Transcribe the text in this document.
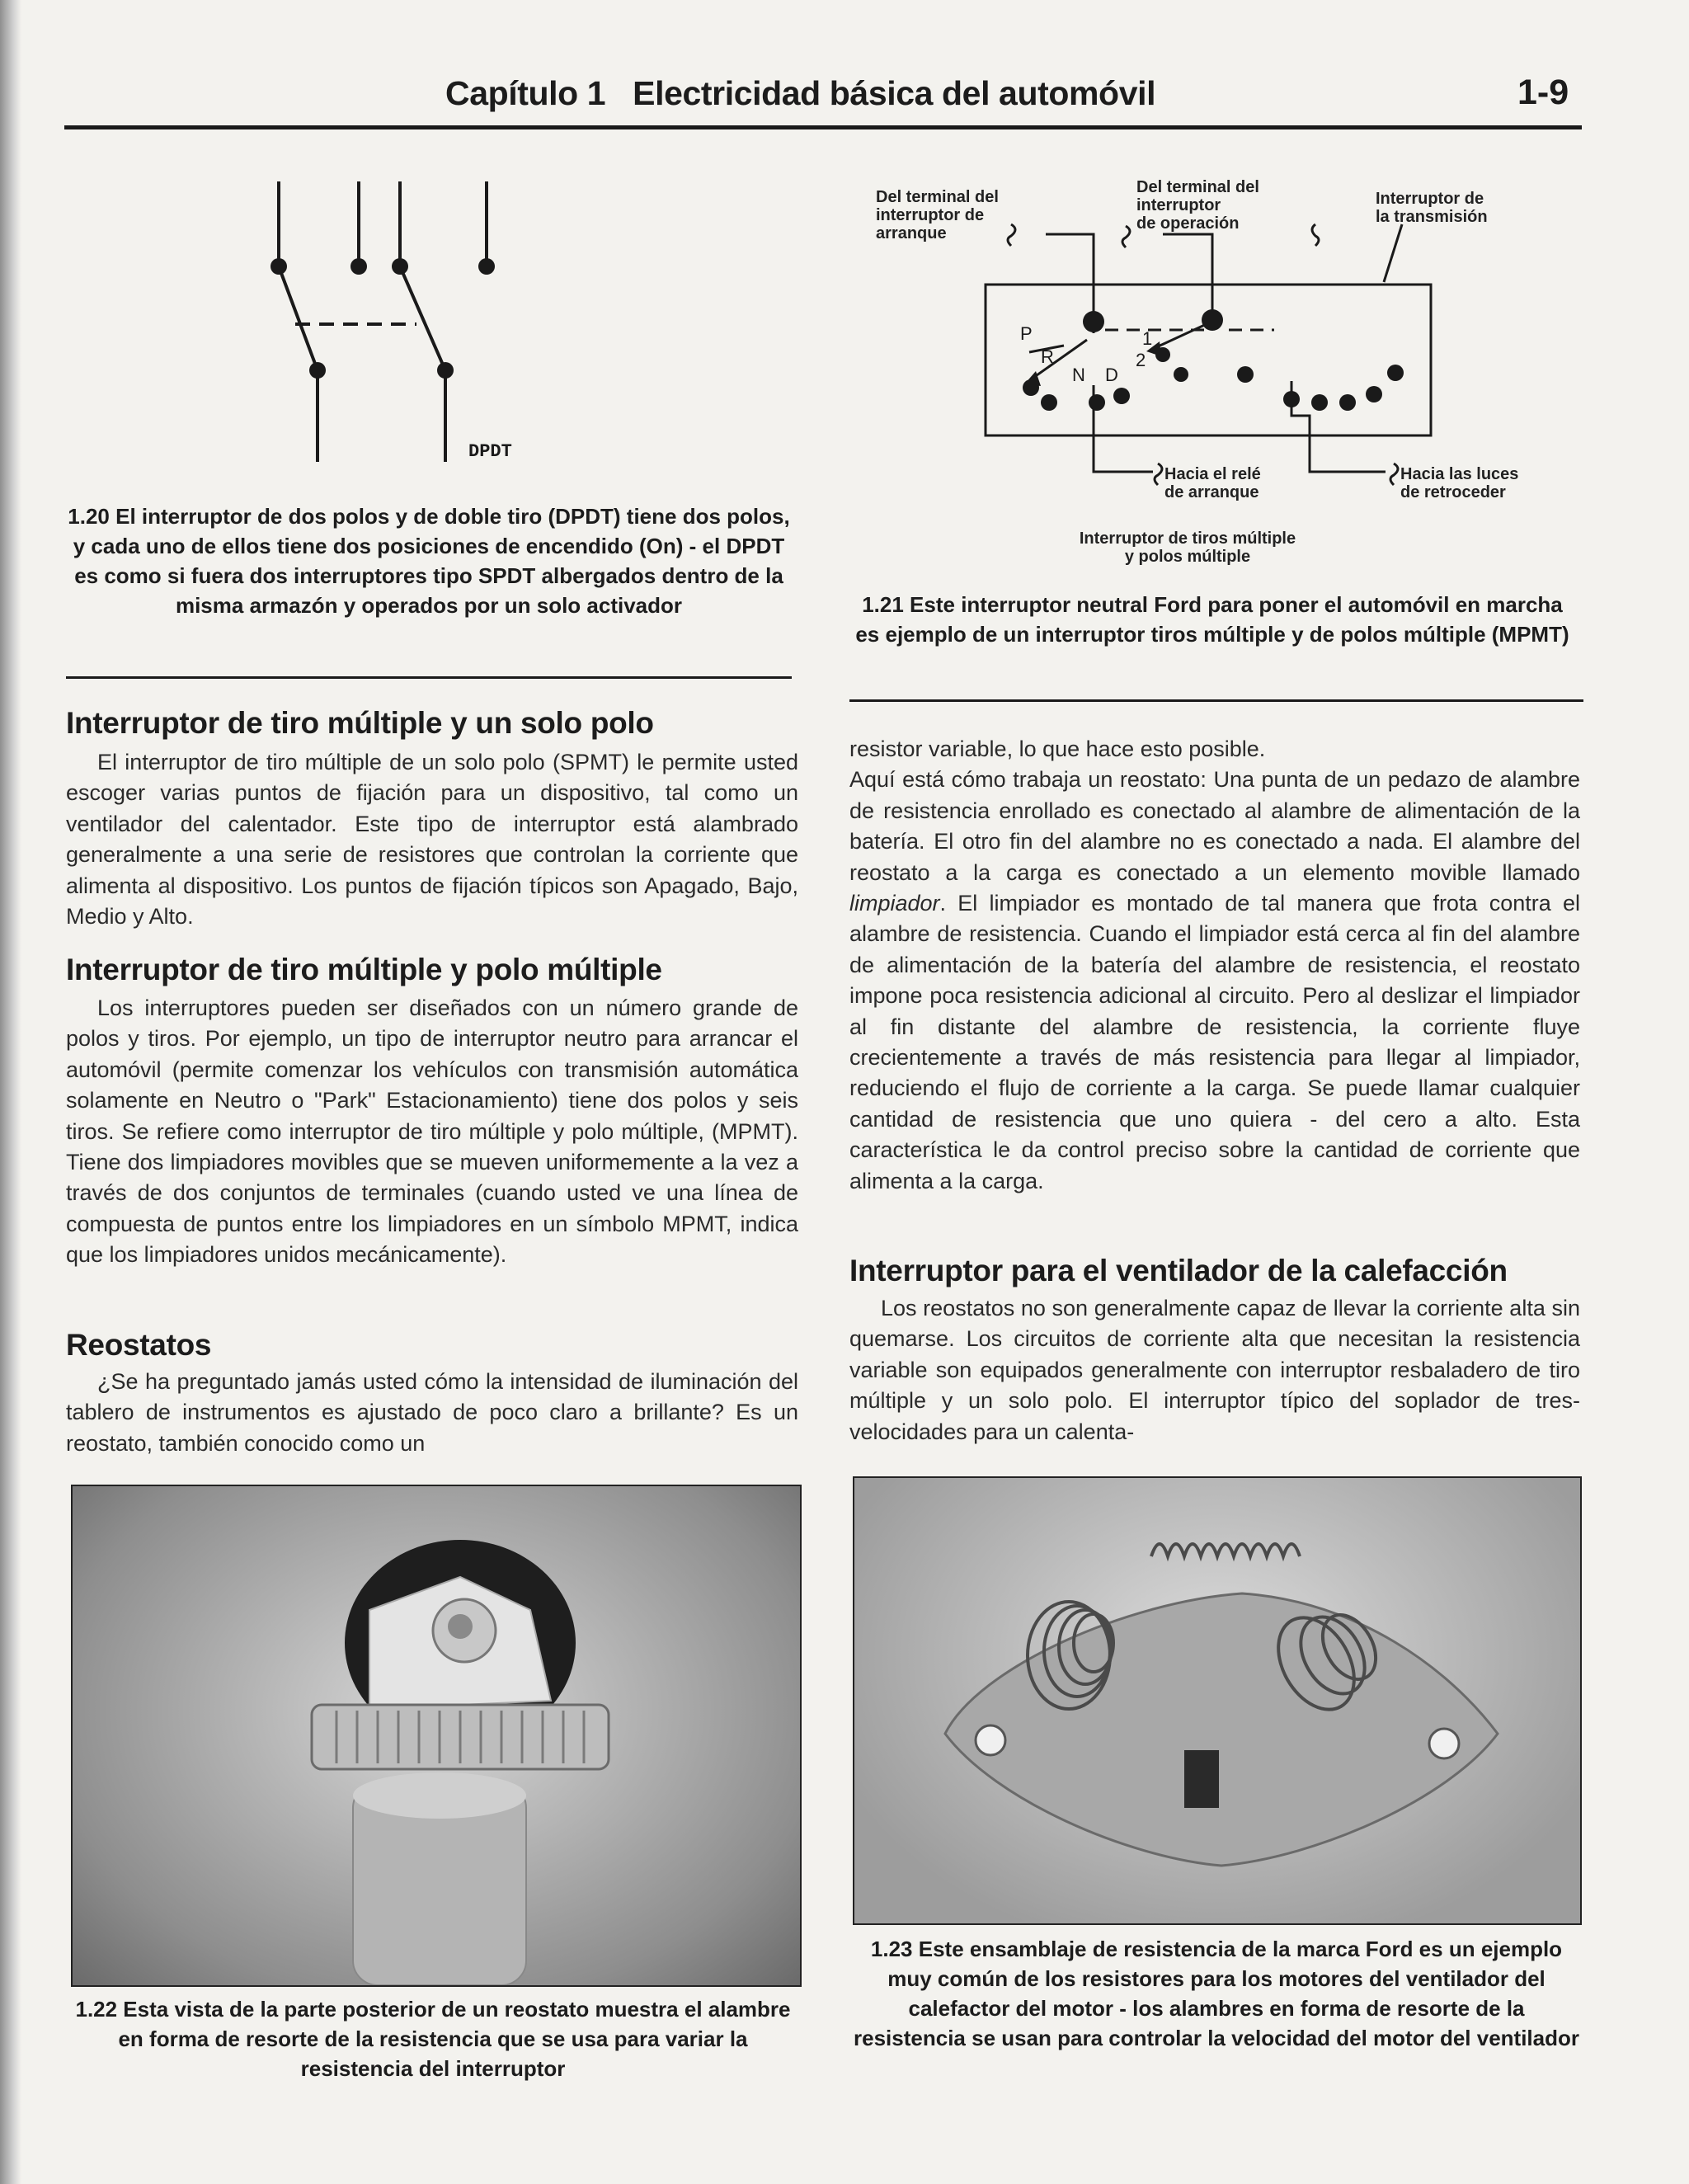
Capítulo 1 Electricidad básica del automóvil	1-9
DPDT
1.20 El interruptor de dos polos y de doble tiro (DPDT) tiene dos polos, y cada uno de ellos tiene dos posiciones de encendido (On) - el DPDT es como si fuera dos interruptores tipo SPDT albergados dentro de la misma armazón y operados por un solo activador
P
R
N D
2
1
Del terminal del
interruptor de
arranque
Del terminal del
interruptor
de operación
Interruptor de
la transmisión
Hacia el relé
de arranque
Hacia las luces
de retroceder
Interruptor de tiros múltiple
y polos múltiple
1.21 Este interruptor neutral Ford para poner el automóvil en marcha es ejemplo de un interruptor tiros múltiple y de polos múltiple (MPMT)
Interruptor de tiro múltiple y un solo polo

El interruptor de tiro múltiple de un solo polo (SPMT) le permite usted escoger varias puntos de fijación para un dispositivo, tal como un ventilador del calentador. Este tipo de interruptor está alambrado generalmente a una serie de resistores que controlan la corriente que alimenta al dispositivo. Los puntos de fijación típicos son Apagado, Bajo, Medio y Alto.

Interruptor de tiro múltiple y polo múltiple

Los interruptores pueden ser diseñados con un número grande de polos y tiros. Por ejemplo, un tipo de interruptor neutro para arrancar el automóvil (permite comenzar los vehículos con transmisión automática solamente en Neutro o "Park" Estacionamiento) tiene dos polos y seis tiros. Se refiere como interruptor de tiro múltiple y polo múltiple, (MPMT). Tiene dos limpiadores movibles que se mueven uniformemente a la vez a través de dos conjuntos de terminales (cuando usted ve una línea de compuesta de puntos entre los limpiadores en un símbolo MPMT, indica que los limpiadores unidos mecánicamente).

Reostatos

¿Se ha preguntado jamás usted cómo la intensidad de iluminación del tablero de instrumentos es ajustado de poco claro a brillante? Es un reostato, también conocido como un

resistor variable, lo que hace esto posible.

Aquí está cómo trabaja un reostato: Una punta de un pedazo de alambre de resistencia enrollado es conectado al alambre de alimentación de la batería. El otro fin del alambre no es conectado a nada. El alambre del reostato a la carga es conectado a un elemento movible llamado limpiador. El limpiador es montado de tal manera que frota contra el alambre de resistencia. Cuando el limpiador está cerca al fin del alambre de alimentación de la batería del alambre de resistencia, el reostato impone poca resistencia adicional al circuito. Pero al deslizar el limpiador al fin distante del alambre de resistencia, la corriente fluye crecientemente a través de más resistencia para llegar al limpiador, reduciendo el flujo de corriente a la carga. Se puede llamar cualquier cantidad de resistencia que uno quiera - del cero a alto. Esta característica le da control preciso sobre la cantidad de corriente que alimenta a la carga.

Interruptor para el ventilador de la calefacción

Los reostatos no son generalmente capaz de llevar la corriente alta sin quemarse. Los circuitos de corriente alta que necesitan la resistencia variable son equipados generalmente con interruptor resbaladero de tiro múltiple y un solo polo. El interruptor típico del soplador de tres-velocidades para un calenta-

1.22 Esta vista de la parte posterior de un reostato muestra el alambre en forma de resorte de la resistencia que se usa para variar la resistencia del interruptor
1.23 Este ensamblaje de resistencia de la marca Ford es un ejemplo muy común de los resistores para los motores del ventilador del calefactor del motor - los alambres en forma de resorte de la resistencia se usan para controlar la velocidad del motor del ventilador
